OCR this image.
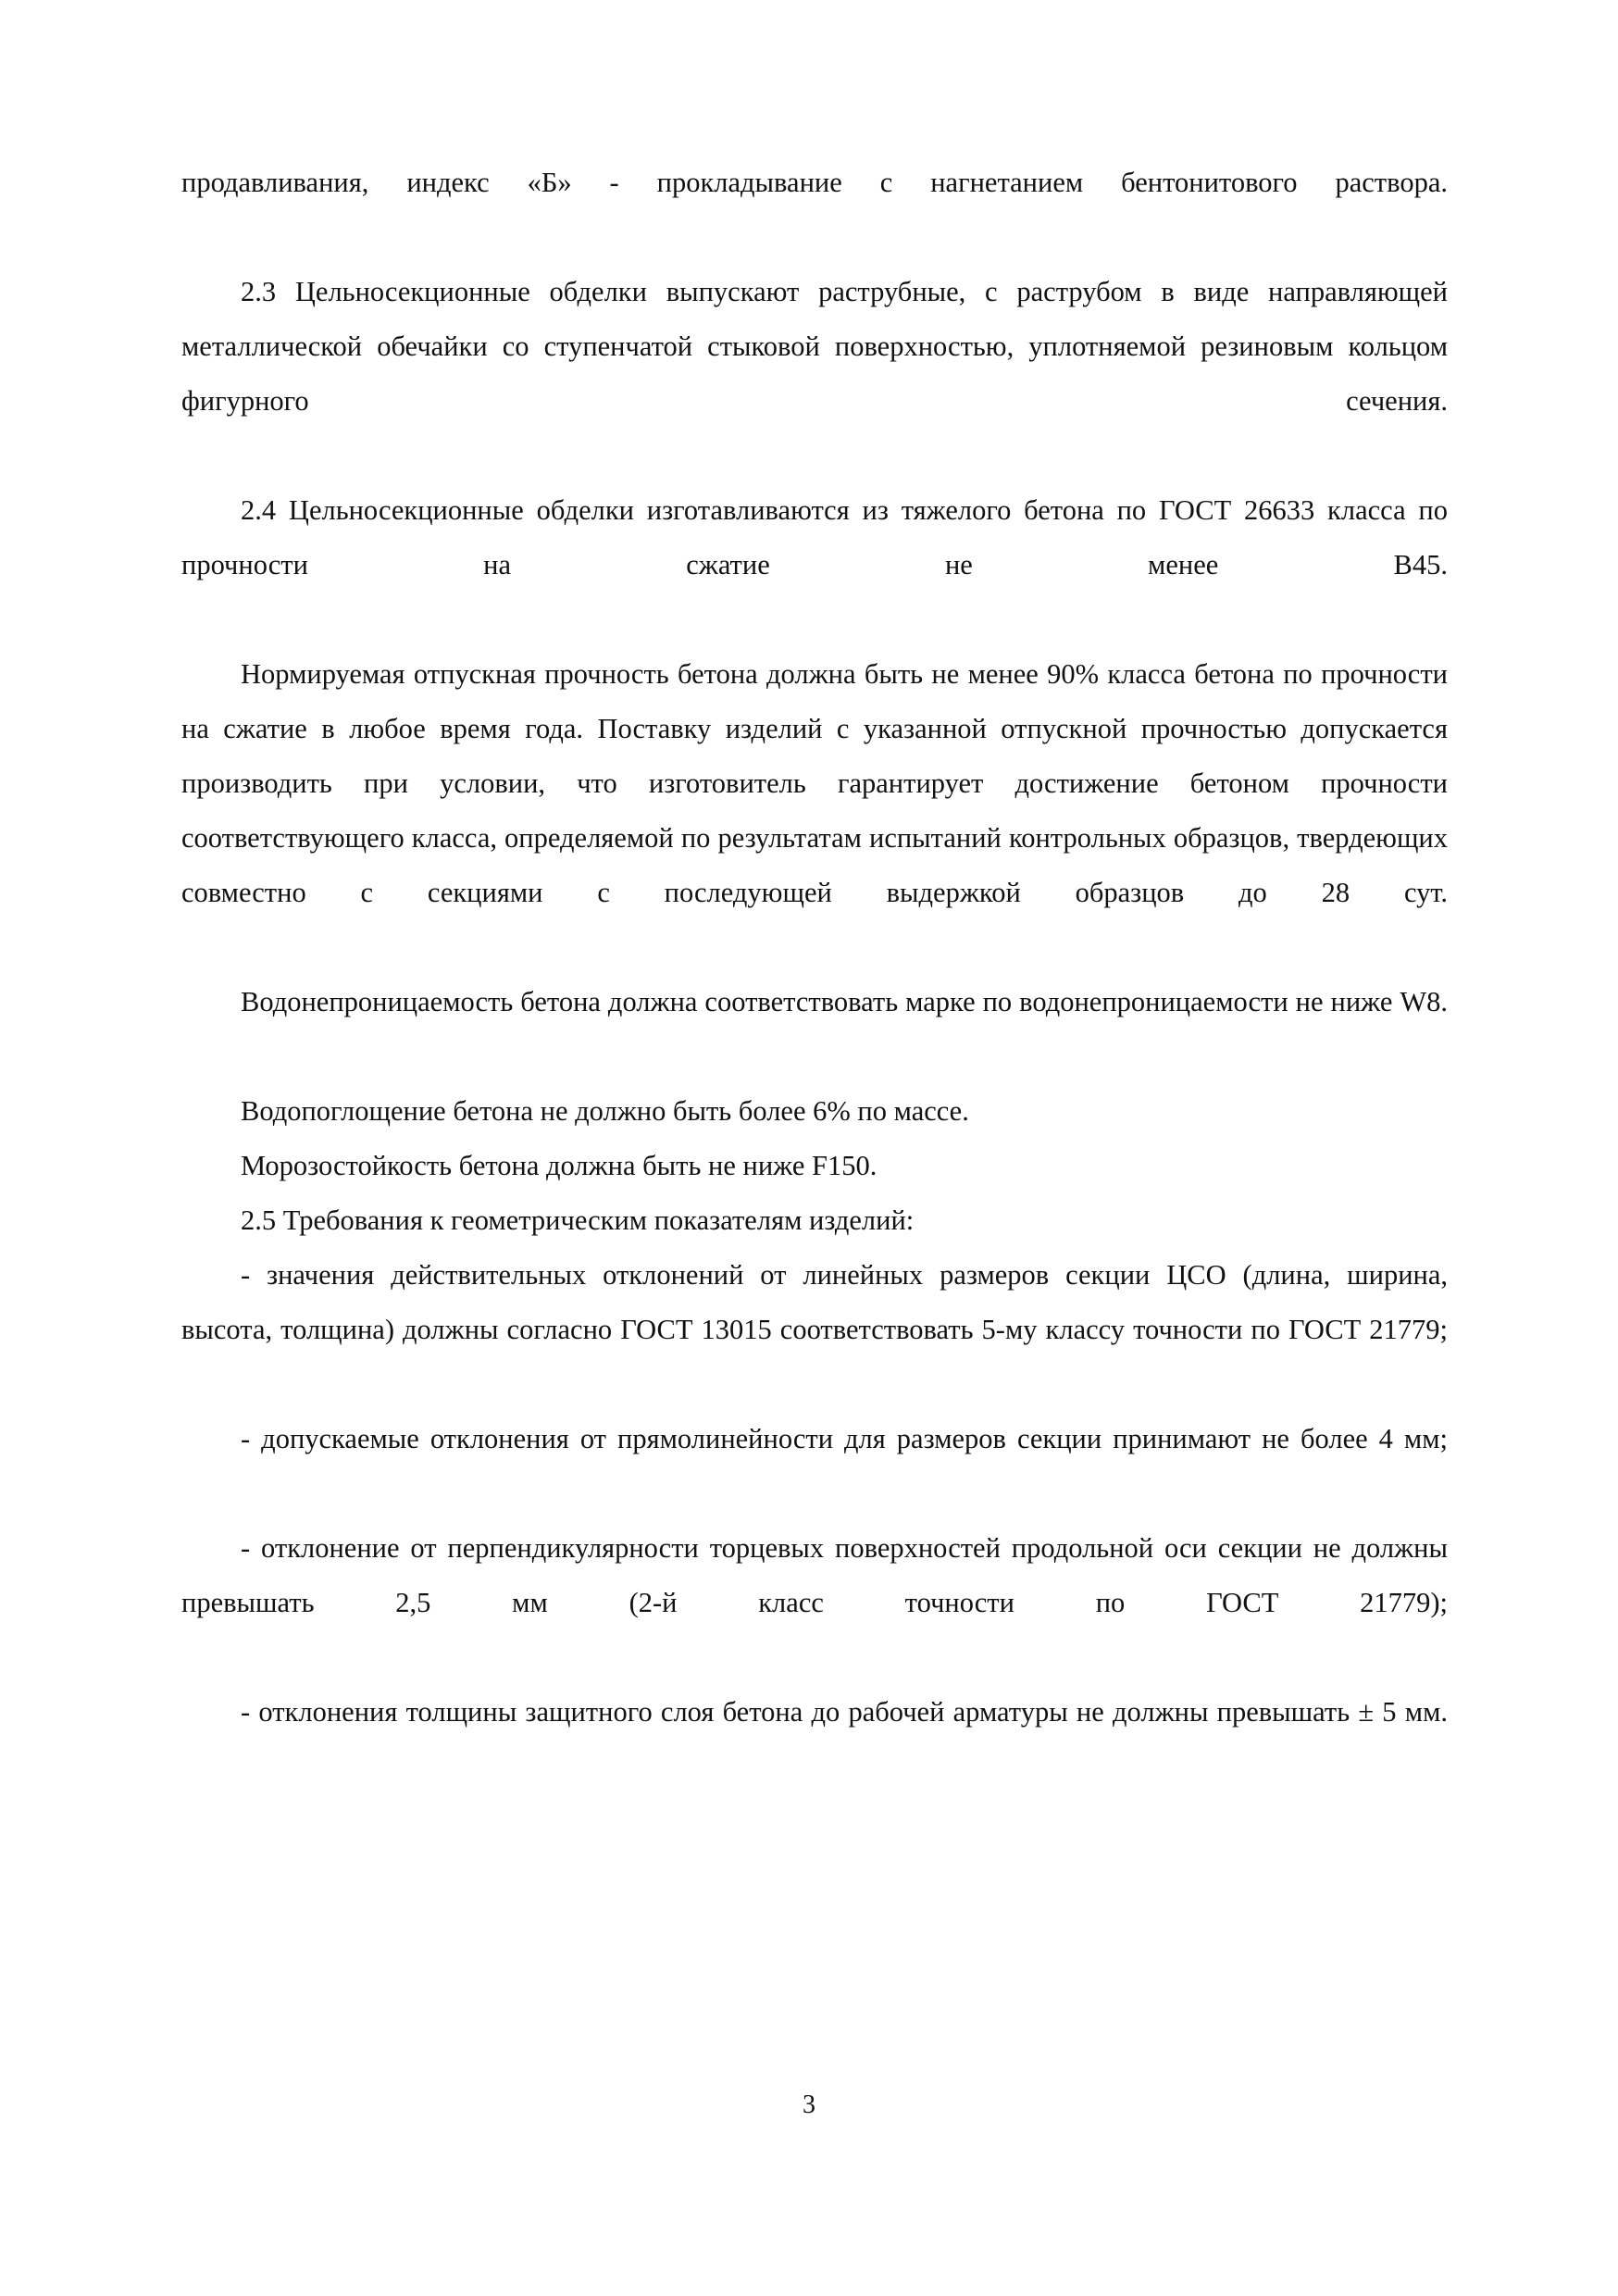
продавливания, индекс «Б» - прокладывание с нагнетанием бентонитового раствора.

2.3 Цельносекционные обделки выпускают раструбные, с раструбом в виде направляющей металлической обечайки со ступенчатой стыковой поверхностью, уплотняемой резиновым кольцом фигурного сечения.

2.4 Цельносекционные обделки изготавливаются из тяжелого бетона по ГОСТ 26633 класса по прочности на сжатие не менее В45.

Нормируемая отпускная прочность бетона должна быть не менее 90% класса бетона по прочности на сжатие в любое время года. Поставку изделий с указанной отпускной прочностью допускается производить при условии, что изготовитель гарантирует достижение бетоном прочности соответствующего класса, определяемой по результатам испытаний контрольных образцов, твердеющих совместно с секциями с последующей выдержкой образцов до 28 сут.

Водонепроницаемость бетона должна соответствовать марке по водонепроницаемости не ниже W8.

Водопоглощение бетона не должно быть более 6% по массе.

Морозостойкость бетона должна быть не ниже F150.

2.5 Требования к геометрическим показателям изделий:

- значения действительных отклонений от линейных размеров секции ЦСО (длина, ширина, высота, толщина) должны согласно ГОСТ 13015 соответствовать 5-му классу точности по ГОСТ 21779;

- допускаемые отклонения от прямолинейности для размеров секции принимают не более 4 мм;

- отклонение от перпендикулярности торцевых поверхностей продольной оси секции не должны превышать 2,5 мм (2-й класс точности по ГОСТ 21779);

- отклонения толщины защитного слоя бетона до рабочей арматуры не должны превышать ± 5 мм.

3
